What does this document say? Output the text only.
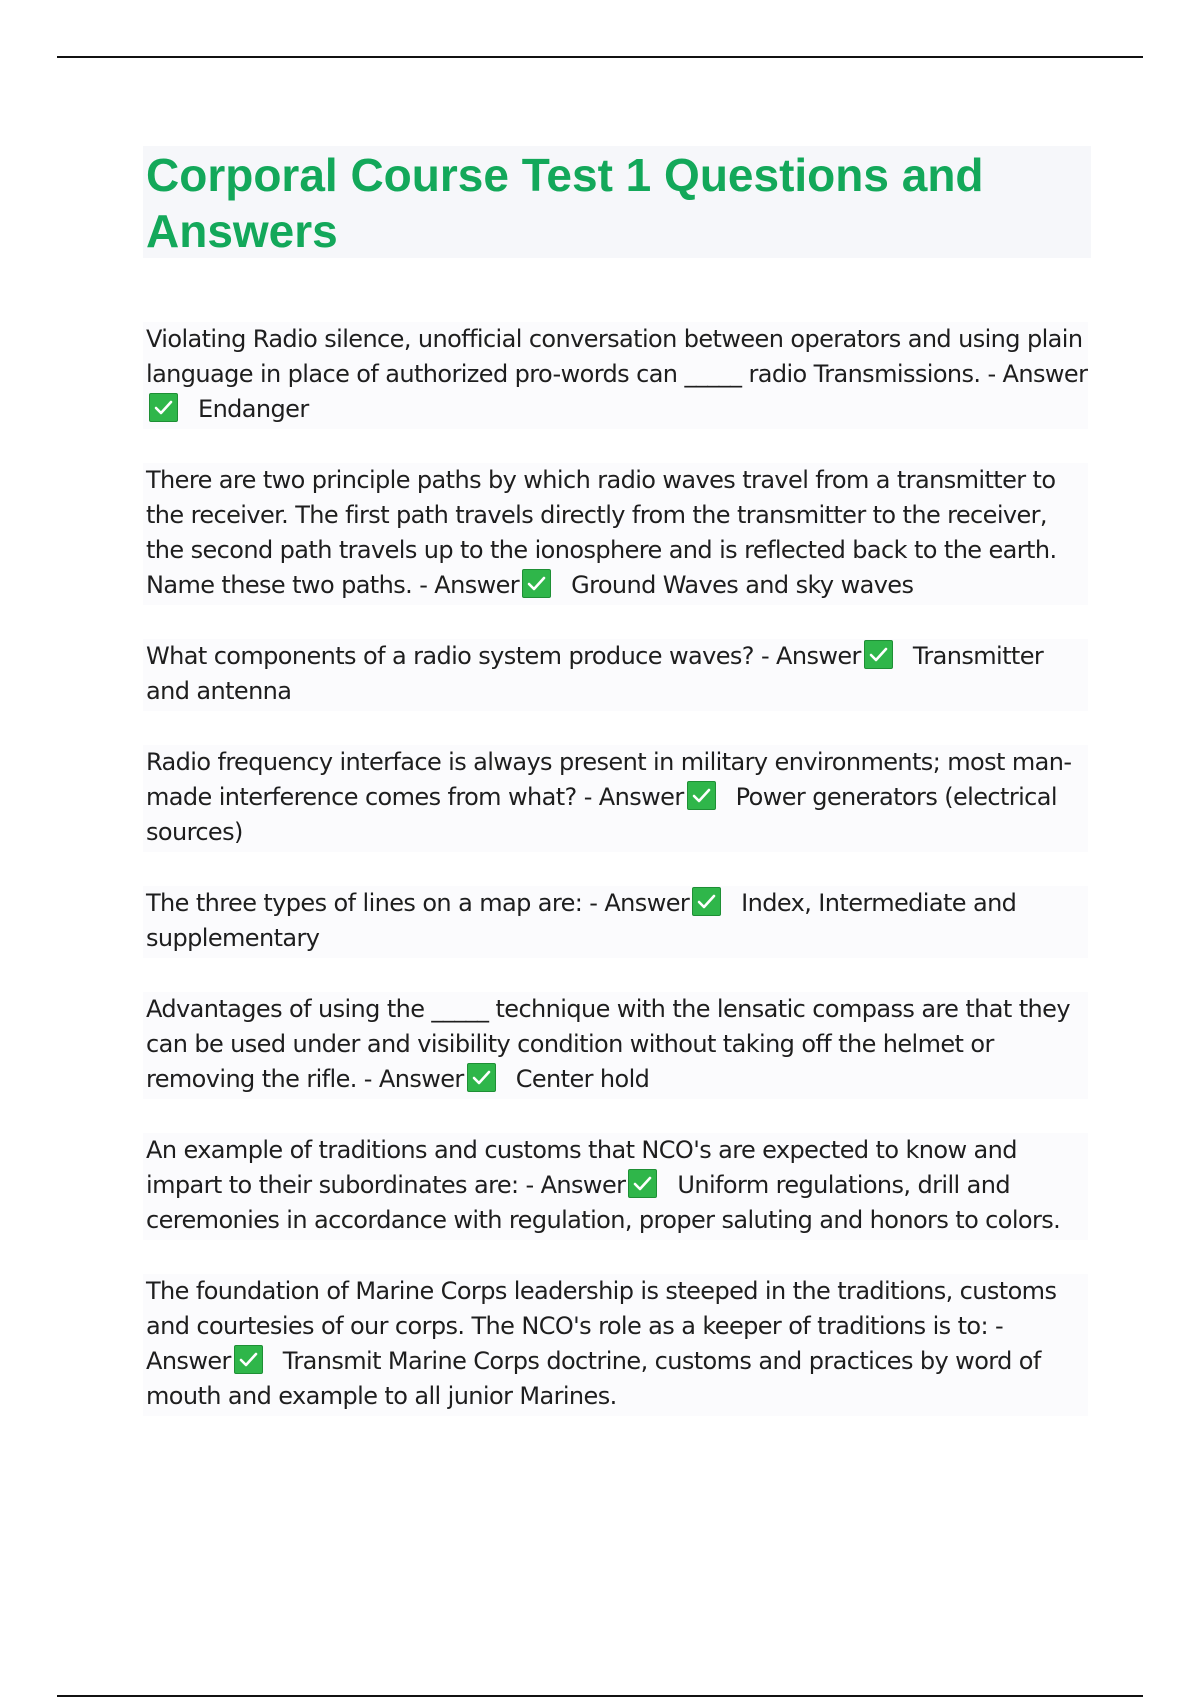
Corporal Course Test 1 Questions and Answers
Violating Radio silence, unofficial conversation between operators and using plain language in place of authorized pro-words can _____ radio Transmissions. - Answer
Endanger
There are two principle paths by which radio waves travel from a transmitter to the receiver. The first path travels directly from the transmitter to the receiver, the second path travels up to the ionosphere and is reflected back to the earth. Name these two paths. - Answer Ground Waves and sky waves
What components of a radio system produce waves? - Answer Transmitter and antenna
Radio frequency interface is always present in military environments; most man-made interference comes from what? - Answer Power generators (electrical sources)
The three types of lines on a map are: - Answer Index, Intermediate and supplementary
Advantages of using the _____ technique with the lensatic compass are that they can be used under and visibility condition without taking off the helmet or removing the rifle. - Answer Center hold
An example of traditions and customs that NCO's are expected to know and impart to their subordinates are: - Answer Uniform regulations, drill and ceremonies in accordance with regulation, proper saluting and honors to colors.
The foundation of Marine Corps leadership is steeped in the traditions, customs and courtesies of our corps. The NCO's role as a keeper of traditions is to: - Answer Transmit Marine Corps doctrine, customs and practices by word of mouth and example to all junior Marines.
